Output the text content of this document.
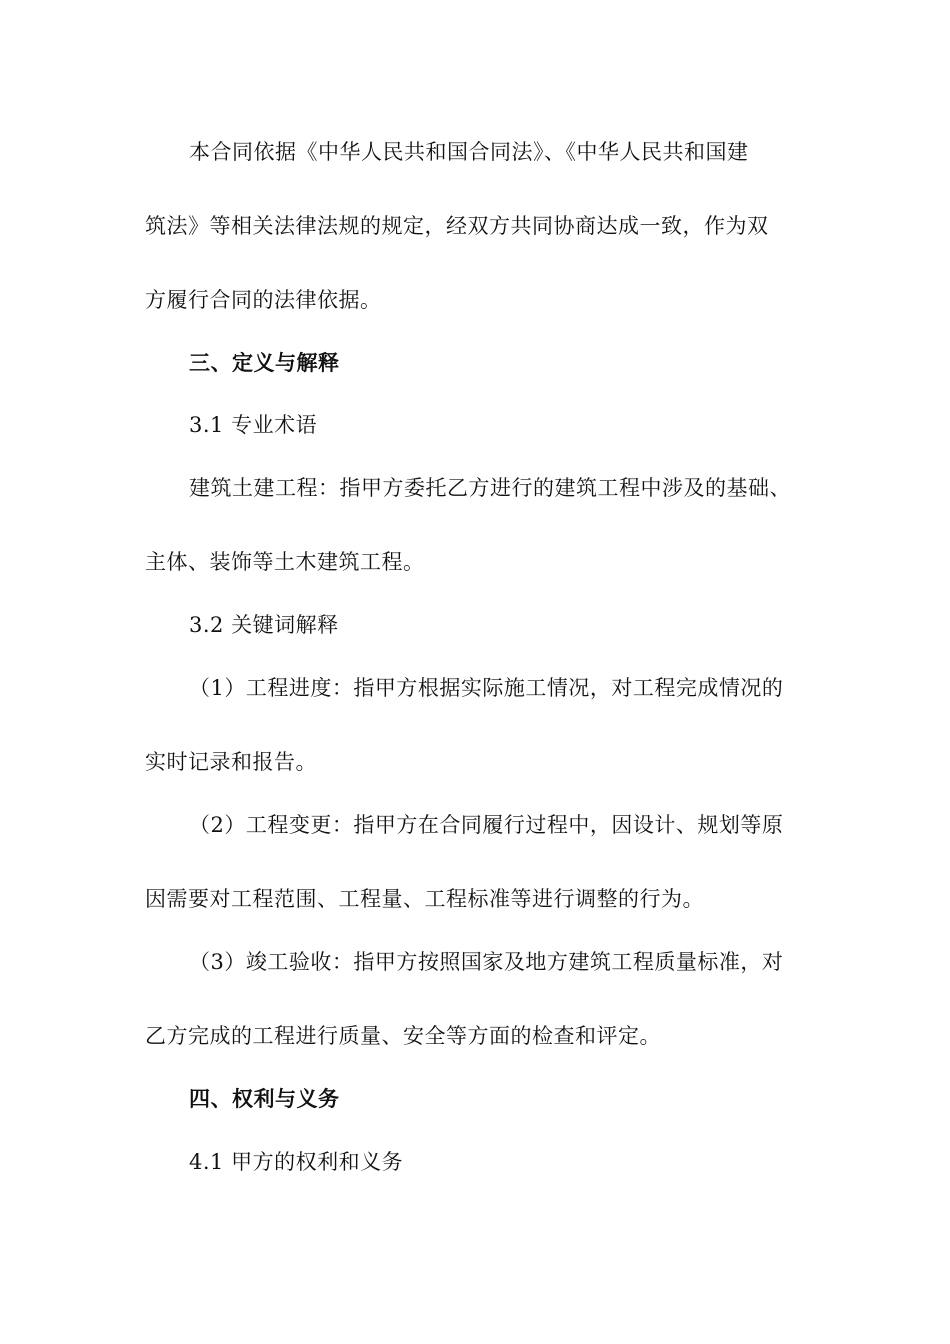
本合同依据《中华人民共和国合同法》、《中华人民共和国建
筑法》等相关法律法规的规定，经双方共同协商达成一致，作为双
方履行合同的法律依据。
三、定义与解释
3.1 专业术语
建筑土建工程：指甲方委托乙方进行的建筑工程中涉及的基础、
主体、装饰等土木建筑工程。
3.2 关键词解释
（1）工程进度：指甲方根据实际施工情况，对工程完成情况的
实时记录和报告。
（2）工程变更：指甲方在合同履行过程中，因设计、规划等原
因需要对工程范围、工程量、工程标准等进行调整的行为。
（3）竣工验收：指甲方按照国家及地方建筑工程质量标准，对
乙方完成的工程进行质量、安全等方面的检查和评定。
四、权利与义务
4.1 甲方的权利和义务
